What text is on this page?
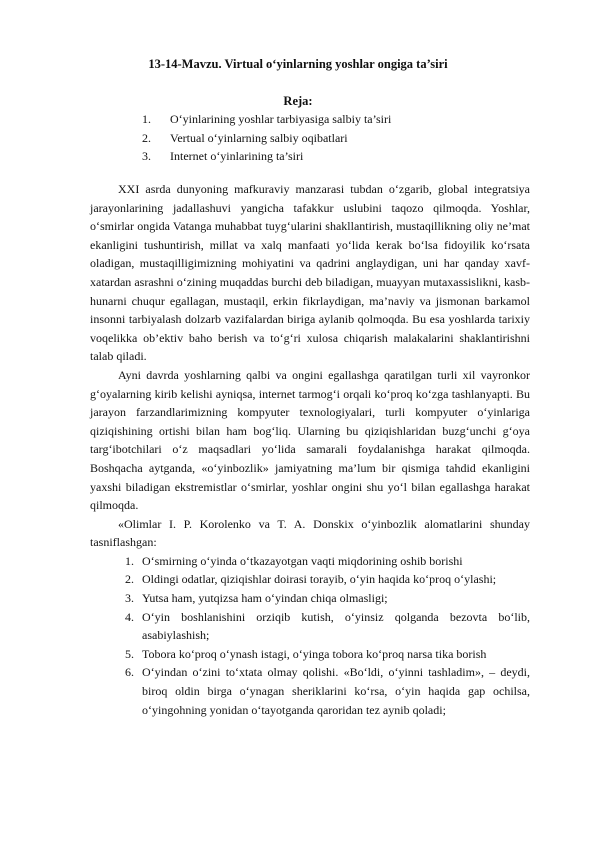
13-14-Mavzu. Virtual o‘yinlarning yoshlar ongiga ta’siri
Reja:
1.	O‘yinlarining yoshlar tarbiyasiga salbiy ta’siri
2.	Vertual o‘yinlarning salbiy oqibatlari
3.	Internet o‘yinlarining ta’siri

XXI asrda dunyoning mafkuraviy manzarasi tubdan o‘zgarib, global integratsiya jarayonlarining jadallashuvi yangicha tafakkur uslubini taqozo qilmoqda. Yoshlar, o‘smirlar ongida Vatanga muhabbat tuyg‘ularini shakllantirish, mustaqillikning oliy ne’mat ekanligini tushuntirish, millat va xalq manfaati yo‘lida kerak bo‘lsa fidoyilik ko‘rsata oladigan, mustaqilligimizning mohiyatini va qadrini anglaydigan, uni har qanday xavf-xatardan asrashni o‘zining muqaddas burchi deb biladigan, muayyan mutaxassislikni, kasb-hunarni chuqur egallagan, mustaqil, erkin fikrlaydigan, ma’naviy va jismonan barkamol insonni tarbiyalash dolzarb vazifalardan biriga aylanib qolmoqda. Bu esa yoshlarda tarixiy voqelikka ob’ektiv baho berish va to‘g‘ri xulosa chiqarish malakalarini shaklantirishni talab qiladi.

Ayni davrda yoshlarning qalbi va ongini egallashga qaratilgan turli xil vayronkor g‘oyalarning kirib kelishi ayniqsa, internet tarmog‘i orqali ko‘proq ko‘zga tashlanyapti. Bu jarayon farzandlarimizning kompyuter texnologiyalari, turli kompyuter o‘yinlariga qiziqishining ortishi bilan ham bog‘liq. Ularning bu qiziqishlaridan buzg‘unchi g‘oya targ‘ibotchilari o‘z maqsadlari yo‘lida samarali foydalanishga harakat qilmoqda. Boshqacha aytganda, «o‘yinbozlik» jamiyatning ma’lum bir qismiga tahdid ekanligini yaxshi biladigan ekstremistlar o‘smirlar, yoshlar ongini shu yo‘l bilan egallashga harakat qilmoqda.

«Olimlar I. P. Korolenko va T. A. Donskix o‘yinbozlik alomatlarini shunday tasniflashgan:

1. O‘smirning o‘yinda o‘tkazayotgan vaqti miqdorining oshib borishi
2. Oldingi odatlar, qiziqishlar doirasi torayib, o‘yin haqida ko‘proq o‘ylashi;
3. Yutsa ham, yutqizsa ham o‘yindan chiqa olmasligi;
4. O‘yin boshlanishini orziqib kutish, o‘yinsiz qolganda bezovta bo‘lib, asabiylashish;
5. Tobora ko‘proq o‘ynash istagi, o‘yinga tobora ko‘proq narsa tika borish
6. O‘yindan o‘zini to‘xtata olmay qolishi. «Bo‘ldi, o‘yinni tashladim», – deydi, biroq oldin birga o‘ynagan sheriklarini ko‘rsa, o‘yin haqida gap ochilsa, o‘yingohning yonidan o‘tayotganda qaroridan tez aynib qoladi;
